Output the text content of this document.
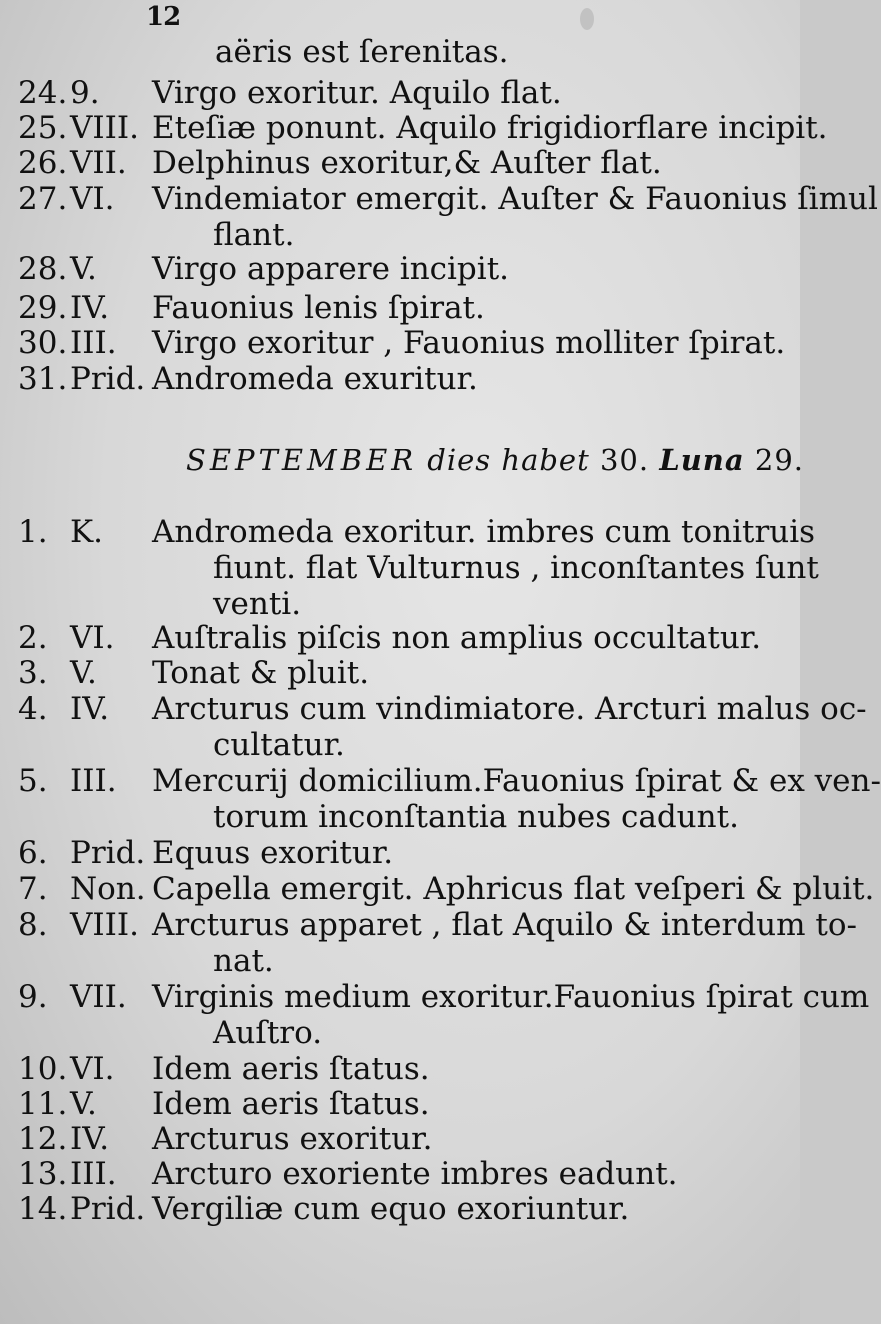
12
aëris est ſerenitas.
24. 9.	Virgo exoritur. Aquilo flat.
25. VIII. Eteſiæ ponunt. Aquilo frigidiorflare incipit.
26. VII. Delphinus exoritur,& Auſter flat.
27. VI.	Vindemiator emergit. Auſter & Fauonius ſimul
flant.
28. V.	Virgo apparere incipit.
29. IV.	Fauonius lenis ſpirat.
30. III.	Virgo exoritur , Fauonius molliter ſpirat.
31. Prid. Andromeda exuritur.
SEPTEMBER dies habet 30. Luna 29.
1. K.	Andromeda exoritur. imbres cum tonitruis
fiunt. flat Vulturnus , inconſtantes ſunt
venti.
2. VI.	Auſtralis piſcis non amplius occultatur.
3. V.	Tonat & pluit.
4. IV.	Arcturus cum vindimiatore. Arcturi malus oc-
cultatur.
5. III.	Mercurij domicilium.Fauonius ſpirat & ex ven-
torum inconſtantia nubes cadunt.
6. Prid. Equus exoritur.
7. Non. Capella emergit. Aphricus flat veſperi & pluit.
8. VIII. Arcturus apparet , flat Aquilo & interdum to-
nat.
9. VII. Virginis medium exoritur.Fauonius ſpirat cum
Auſtro.
10. VI.	Idem aeris ſtatus.
11. V.	Idem aeris ſtatus.
12. IV.	Arcturus exoritur.
13. III.	Arcturo exoriente imbres eadunt.
14. Prid. Vergiliæ cum equo exoriuntur.
